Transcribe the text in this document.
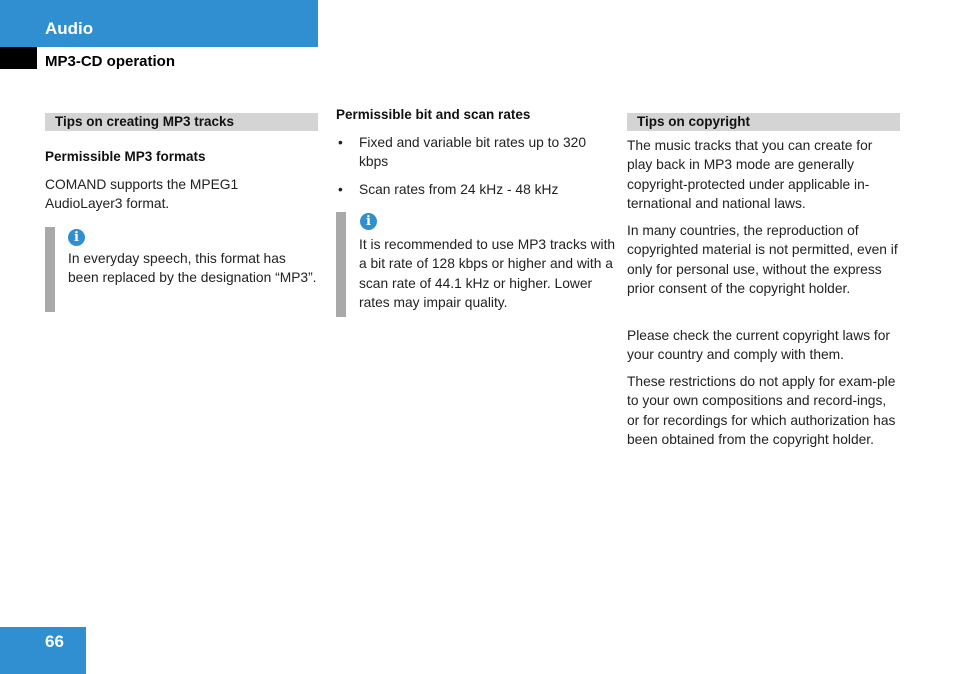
Audio
MP3-CD operation
Tips on creating MP3 tracks

Permissible MP3 formats

COMAND supports the MPEG1 AudioLayer3 format.

i

In everyday speech, this format has been replaced by the designation “MP3”.

Permissible bit and scan rates

• Fixed and variable bit rates up to 320 kbps
• Scan rates from 24 kHz - 48 kHz
i

It is recommended to use MP3 tracks with a bit rate of 128 kbps or higher and with a scan rate of 44.1 kHz or higher. Lower rates may impair quality.

Tips on copyright

The music tracks that you can create for play back in MP3 mode are generally copyright-protected under applicable in-ternational and national laws.

In many countries, the reproduction of copyrighted material is not permitted, even if only for personal use, without the express prior consent of the copyright holder.

Please check the current copyright laws for your country and comply with them.

These restrictions do not apply for exam-ple to your own compositions and record-ings, or for recordings for which authorization has been obtained from the copyright holder.

66
